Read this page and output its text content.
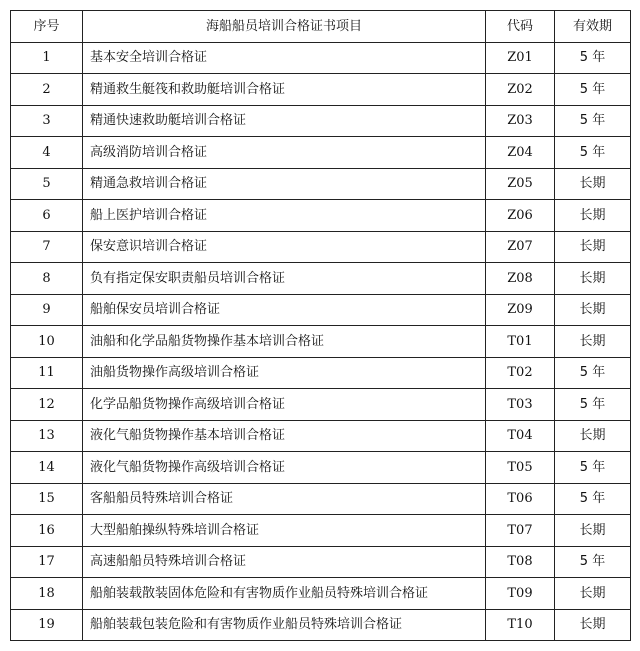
序号	海船船员培训合格证书项目	代码	有效期
1	基本安全培训合格证	Z01	5 年
2	精通救生艇筏和救助艇培训合格证	Z02	5 年
3	精通快速救助艇培训合格证	Z03	5 年
4	高级消防培训合格证	Z04	5 年
5	精通急救培训合格证	Z05	长期
6	船上医护培训合格证	Z06	长期
7	保安意识培训合格证	Z07	长期
8	负有指定保安职责船员培训合格证	Z08	长期
9	船舶保安员培训合格证	Z09	长期
10	油船和化学品船货物操作基本培训合格证	T01	长期
11	油船货物操作高级培训合格证	T02	5 年
12	化学品船货物操作高级培训合格证	T03	5 年
13	液化气船货物操作基本培训合格证	T04	长期
14	液化气船货物操作高级培训合格证	T05	5 年
15	客船船员特殊培训合格证	T06	5 年
16	大型船舶操纵特殊培训合格证	T07	长期
17	高速船船员特殊培训合格证	T08	5 年
18	船舶装载散装固体危险和有害物质作业船员特殊培训合格证	T09	长期
19	船舶装载包装危险和有害物质作业船员特殊培训合格证	T10	长期
